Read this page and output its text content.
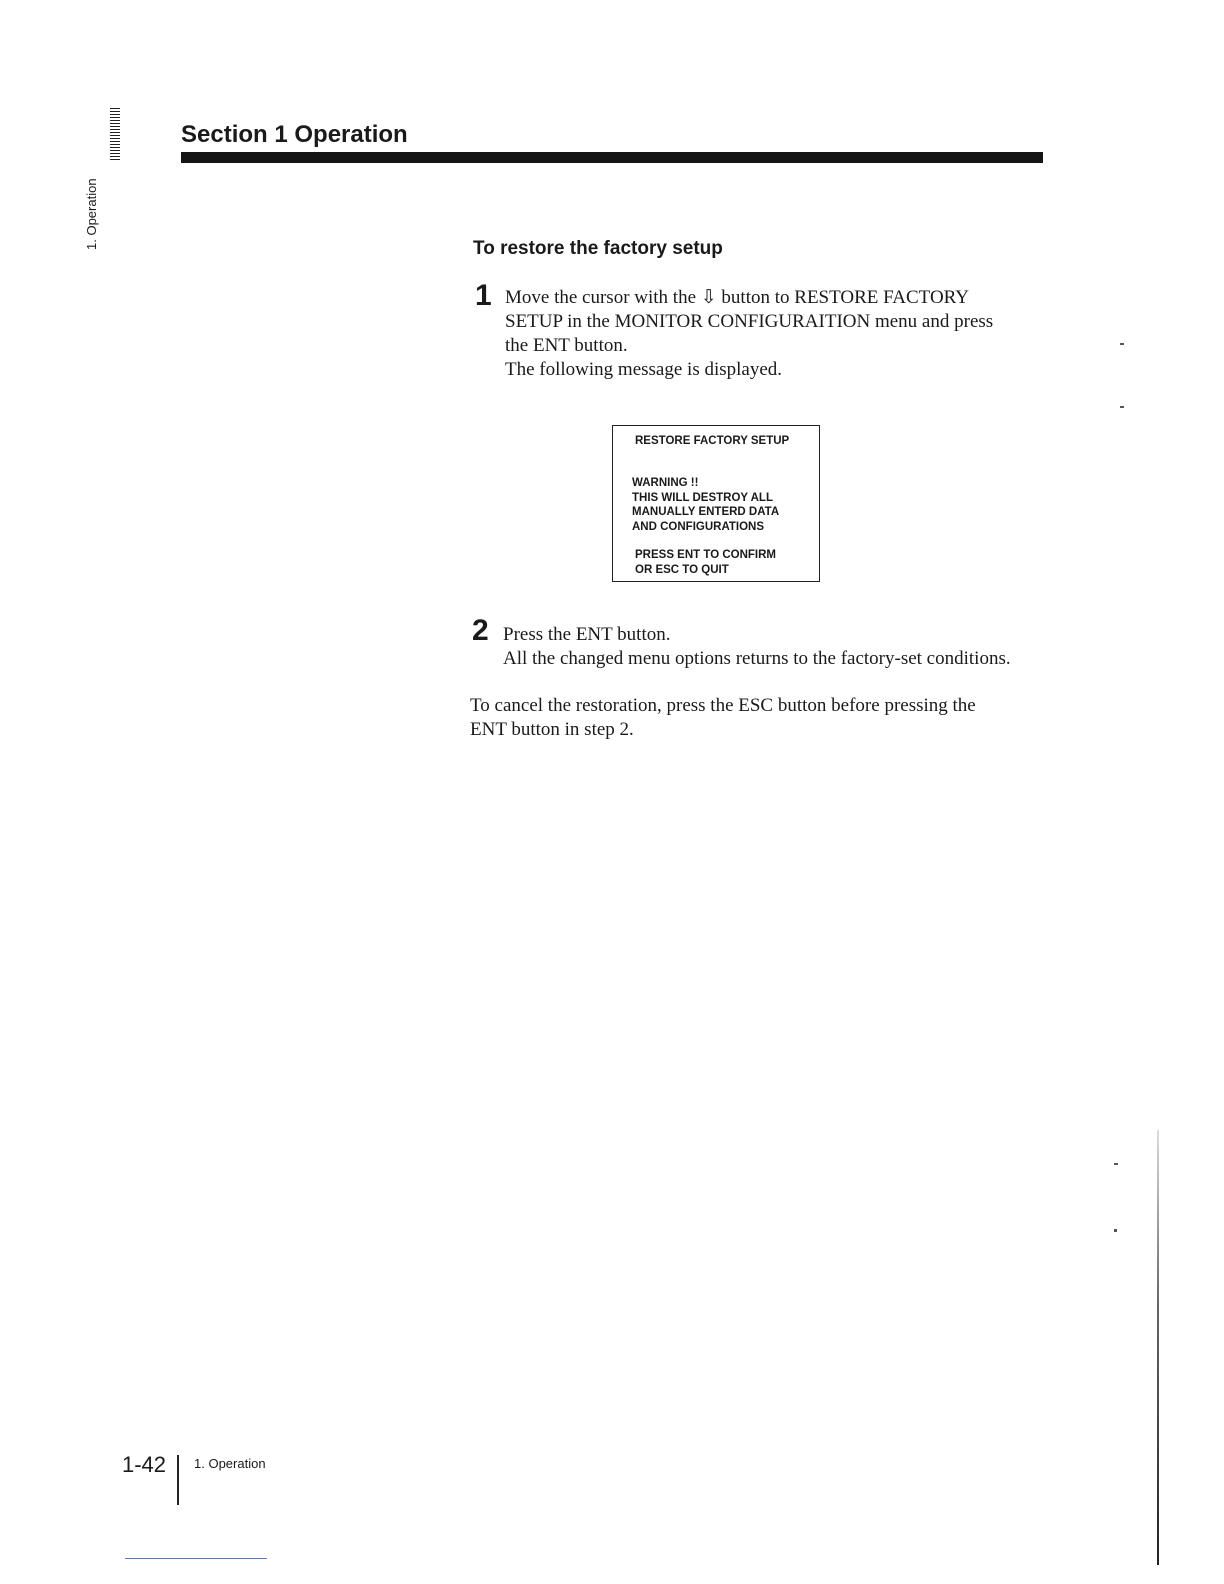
1. Operation
Section 1 Operation
To restore the factory setup
1 Move the cursor with the ⇩ button to RESTORE FACTORY
SETUP in the MONITOR CONFIGURAITION menu and press
the ENT button.
The following message is displayed.

RESTORE FACTORY SETUP
WARNING !!
THIS WILL DESTROY ALL
MANUALLY ENTERD DATA
AND CONFIGURATIONS
PRESS ENT TO CONFIRM
OR ESC TO QUIT
2 Press the ENT button.
All the changed menu options returns to the factory-set conditions.

To cancel the restoration, press the ESC button before pressing the
ENT button in step 2.

1-42 1. Operation
